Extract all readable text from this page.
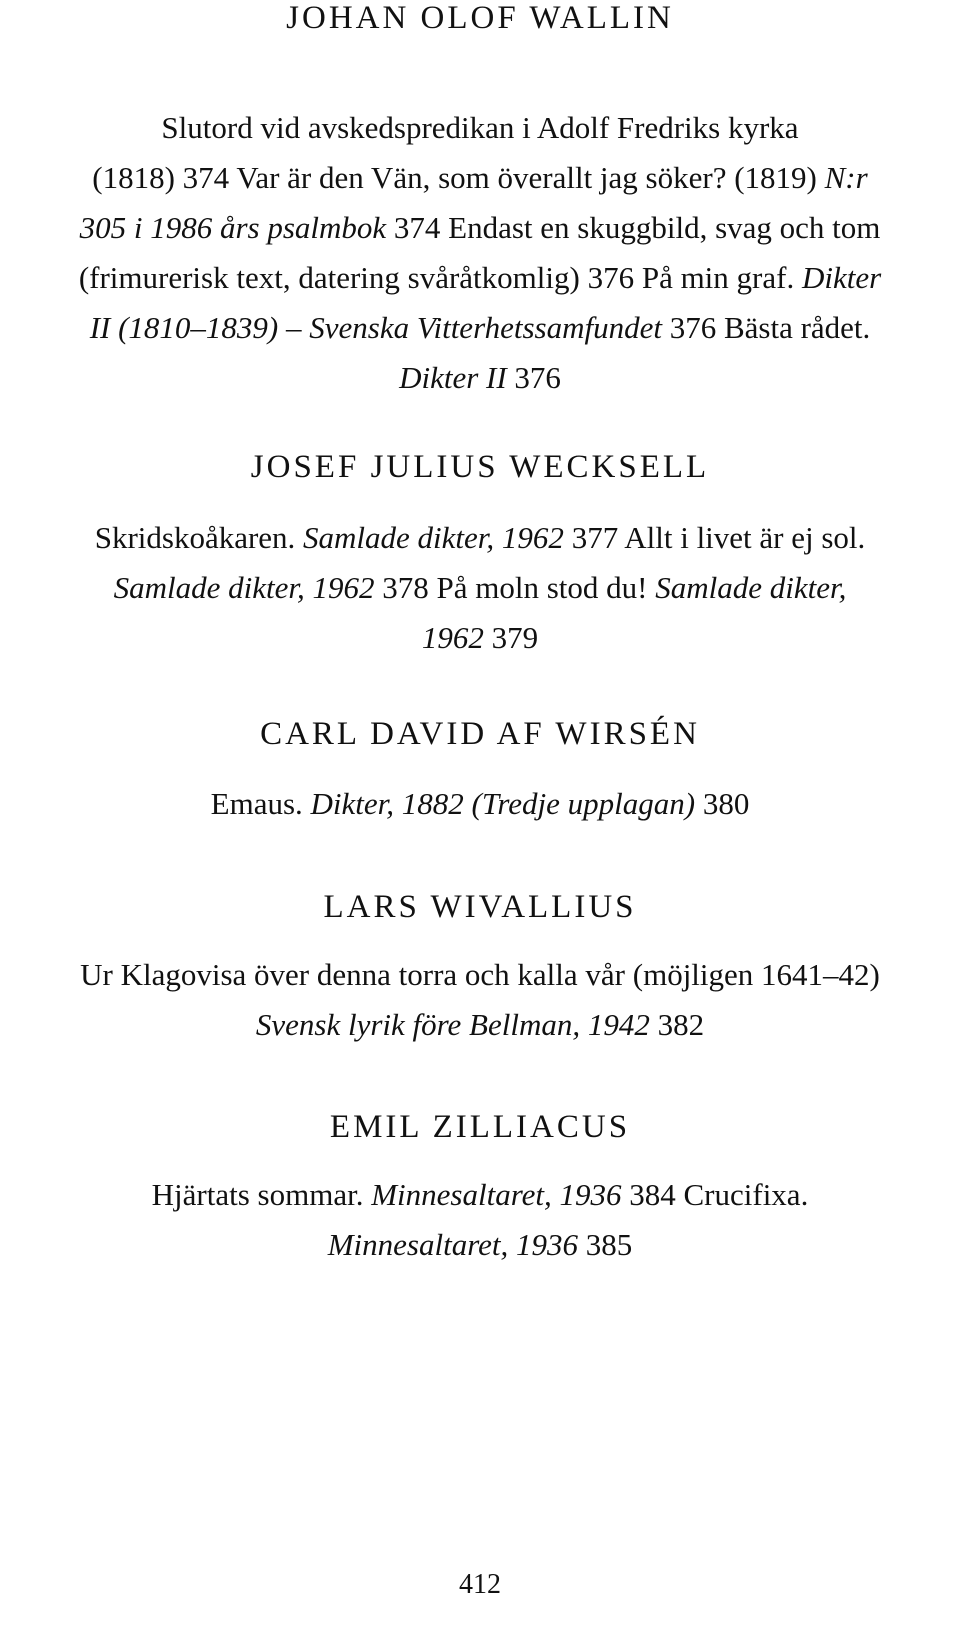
JOHAN OLOF WALLIN
Slutord vid avskedspredikan i Adolf Fredriks kyrka
(1818) 374 Var är den Vän, som överallt jag söker? (1819) N:r
305 i 1986 års psalmbok 374 Endast en skuggbild, svag och tom
(frimurerisk text, datering svåråtkomlig) 376 På min graf. Dikter
II (1810–1839) – Svenska Vitterhetssamfundet 376 Bästa rådet.
Dikter II 376
JOSEF JULIUS WECKSELL
Skridskoåkaren. Samlade dikter, 1962 377 Allt i livet är ej sol.
Samlade dikter, 1962 378 På moln stod du! Samlade dikter,
1962 379
CARL DAVID AF WIRSÉN
Emaus. Dikter, 1882 (Tredje upplagan) 380
LARS WIVALLIUS
Ur Klagovisa över denna torra och kalla vår (möjligen 1641–42)
Svensk lyrik före Bellman, 1942 382
EMIL ZILLIACUS
Hjärtats sommar. Minnesaltaret, 1936 384 Crucifixa.
Minnesaltaret, 1936 385
412
